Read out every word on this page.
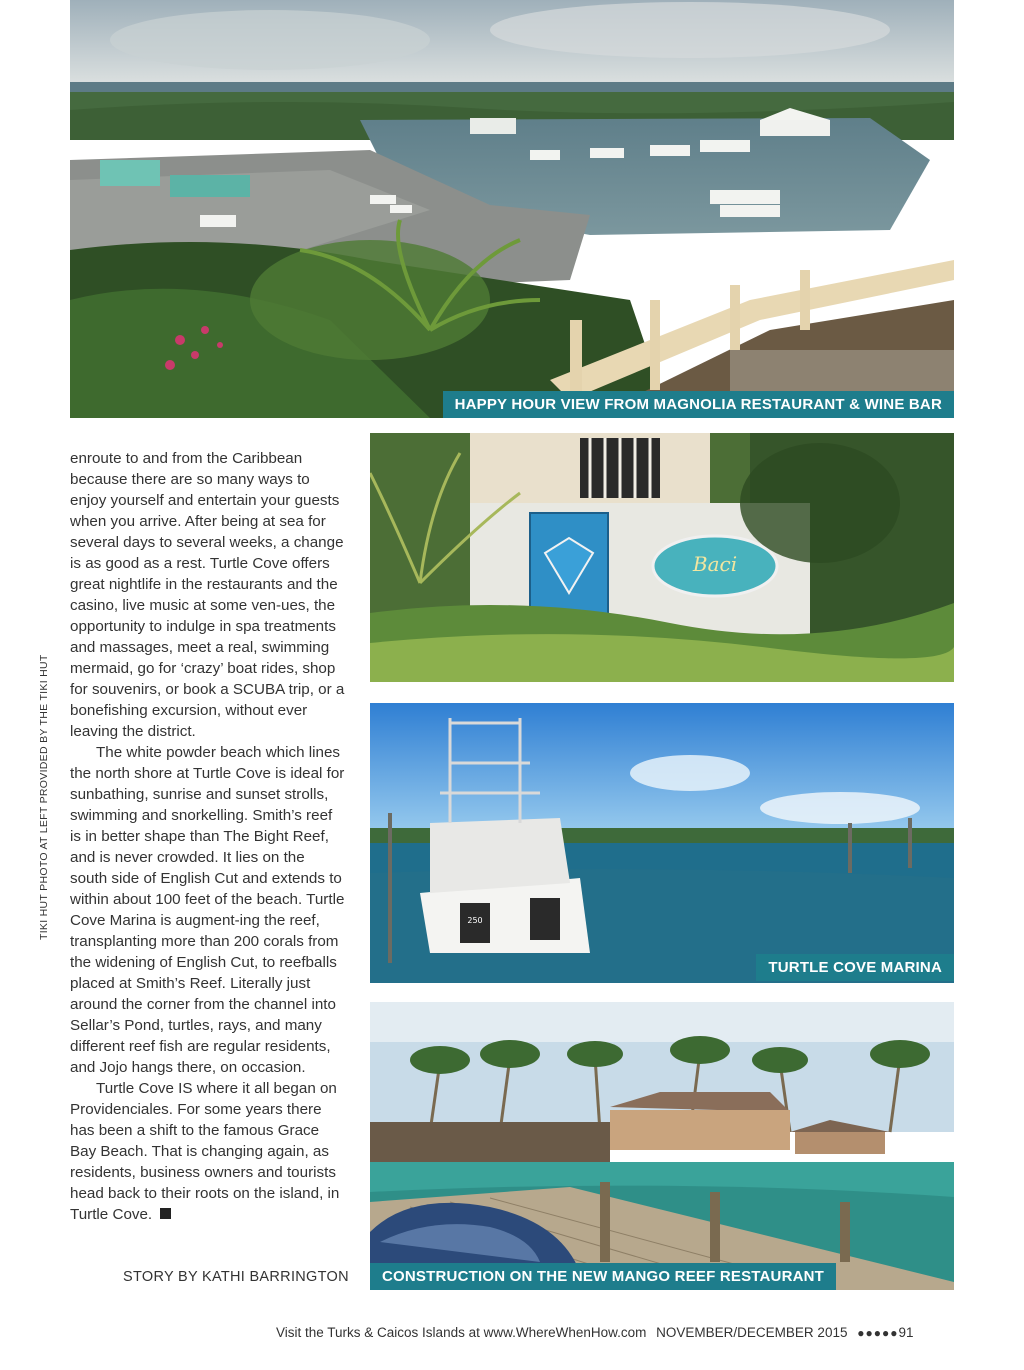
HAPPY HOUR VIEW FROM MAGNOLIA RESTAURANT & WINE BAR
Baci
250
TURTLE COVE MARINA
CONSTRUCTION ON THE NEW MANGO REEF RESTAURANT

enroute to and from the Caribbean because there are so many ways to enjoy yourself and entertain your guests when you arrive. After being at sea for several days to several weeks, a change is as good as a rest. Turtle Cove offers great nightlife in the restaurants and the casino, live music at some ven-ues, the opportunity to indulge in spa treatments and massages, meet a real, swimming mermaid, go for ‘crazy’ boat rides, shop for souvenirs, or book a SCUBA trip, or a bonefishing excursion, without ever leaving the district.

The white powder beach which lines the north shore at Turtle Cove is ideal for sunbathing, sunrise and sunset strolls, swimming and snorkelling. Smith’s reef is in better shape than The Bight Reef, and is never crowded. It lies on the south side of English Cut and extends to within about 100 feet of the beach. Turtle Cove Marina is augment-ing the reef, transplanting more than 200 corals from the widening of English Cut, to reefballs placed at Smith’s Reef. Literally just around the corner from the channel into Sellar’s Pond, turtles, rays, and many different reef fish are regular residents, and Jojo hangs there, on occasion.

Turtle Cove IS where it all began on Providenciales. For some years there has been a shift to the famous Grace Bay Beach. That is changing again, as residents, business owners and tourists head back to their roots on the island, in Turtle Cove.

STORY BY KATHI BARRINGTON
TIKI HUT PHOTO AT LEFT PROVIDED BY THE TIKI HUT
Visit the Turks & Caicos Islands at www.WhereWhenHow.com NOVEMBER/DECEMBER 2015 ●●●●●91
